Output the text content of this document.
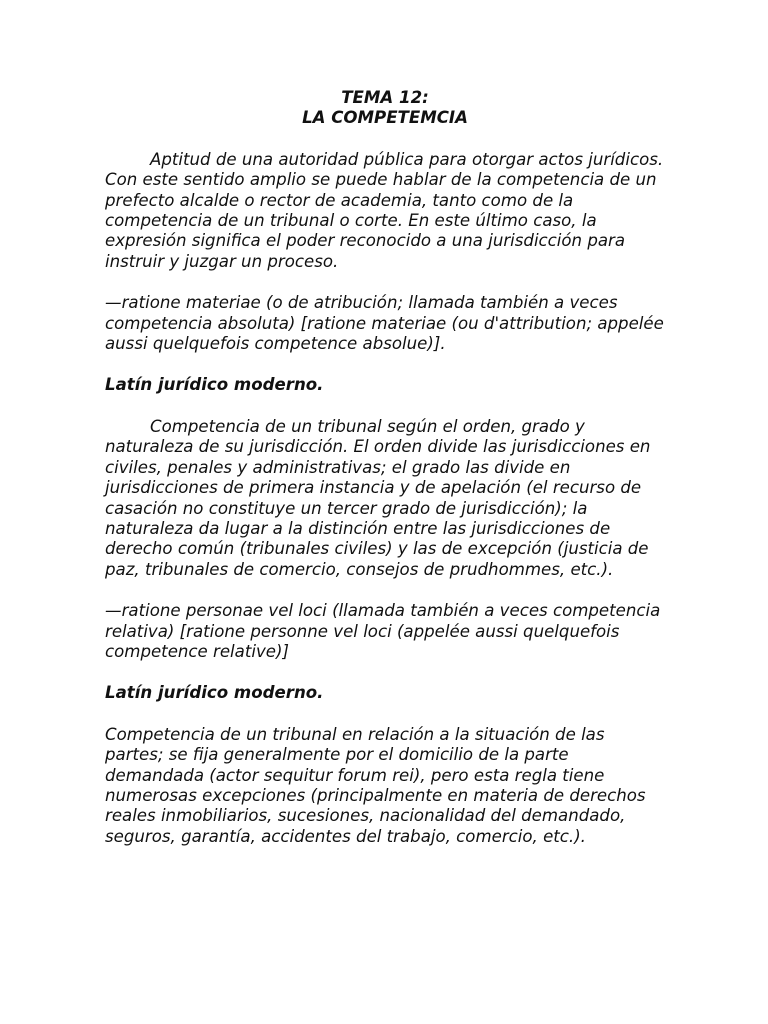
TEMA 12:
LA COMPETEMCIA

Aptitud de una autoridad pública para otorgar actos jurídicos. Con este sentido amplio se puede hablar de la competencia de un prefecto alcalde o rector de academia, tanto como de la competencia de un tribunal o corte. En este último caso, la expresión significa el poder reconocido a una jurisdicción para instruir y juzgar un proceso.

—ratione materiae (o de atribución; llamada también a veces competencia absoluta) [ratione materiae (ou d'attribution; appelée aussi quelquefois competence absolue)].

Latín jurídico moderno.

Competencia de un tribunal según el orden, grado y naturaleza de su jurisdicción. El orden divide las jurisdicciones en civiles, penales y administrativas; el grado las divide en jurisdicciones de primera instancia y de apelación (el recurso de casación no constituye un tercer grado de jurisdicción); la naturaleza da lugar a la distinción entre las jurisdicciones de derecho común (tribunales civiles) y las de excepción (justicia de paz, tribunales de comercio, consejos de prudhommes, etc.).

—ratione personae vel loci (llamada también a veces competencia relativa) [ratione personne vel loci (appelée aussi quelquefois competence relative)]

Latín jurídico moderno.

Competencia de un tribunal en relación a la situación de las partes; se fija generalmente por el domicilio de la parte demandada (actor sequitur forum rei), pero esta regla tiene numerosas excepciones (principalmente en materia de derechos reales inmobiliarios, sucesiones, nacionalidad del demandado, seguros, garantía, accidentes del trabajo, comercio, etc.).
